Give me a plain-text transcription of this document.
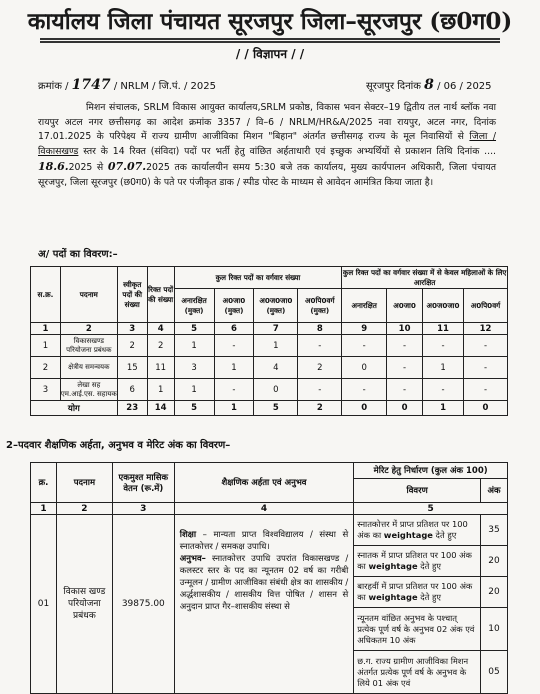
कार्यालय जिला पंचायत सूरजपुर जिला–सूरजपुर (छ0ग0)
/ / विज्ञापन / /
क्रमांक / 1747 / NRLM / जि.पं. / 2025	सूरजपुर दिनांक 8 / 06 / 2025

मिशन संचालक, SRLM विकास आयुक्त कार्यालय,SRLM प्रकोष्ठ, विकास भवन सेक्टर–19 द्वितीय तल नार्थ ब्लॉक नवा रायपुर अटल नगर छत्तीसगढ़ का आदेश क्रमांक 3357 / वि–6 / NRLM/HR&A/2025 नवा रायपुर, अटल नगर, दिनांक 17.01.2025 के परिपेक्ष्य में राज्य ग्रामीण आजीविका मिशन "बिहान" अंतर्गत छत्तीसगढ़ राज्य के मूल निवासियों से जिला / विकासखण्ड स्तर के 14 रिक्त (संविदा) पदों पर भर्ती हेतु वांछित अर्हताधारी एवं इच्छुक अभ्यर्थियों से प्रकाशन तिथि दिनांक .... 18.6.2025 से 07.07.2025 तक कार्यालयीन समय 5:30 बजे तक कार्यालय, मुख्य कार्यपालन अधिकारी, जिला पंचायत सूरजपुर, जिला सूरजपुर (छ0ग0) के पते पर पंजीकृत डाक / स्पीड पोस्ट के माध्यम से आवेदन आमंत्रित किया जाता है।

अ/ पदों का विवरण:–
स.क्र.	पदनाम	स्वीकृत पदों की संख्या	रिक्त पदों की संख्या	कुल रिक्त पदों का वर्गवार संख्या				कुल रिक्त पदों का वर्गवार संख्या में से केवल महिलाओं के लिए आरक्षित			
				अनारक्षित (मुक्त)	अ0जा0 (मुक्त)	अ0ज0जा0 (मुक्त)	अ0पि0वर्ग (मुक्त)	अनारक्षित	अ0जा0	अ0ज0जा0	अ0पि0वर्ग
1	2	3	4	5	6	7	8	9	10	11	12
1	विकासखण्ड परियोजना प्रबंधक	2	2	1	-	1	-	-	-	-	-
2	क्षेत्रीय समन्वयक	15	11	3	1	4	2	0	-	1	-
3	लेखा सह एम.आई.एस. सहायक	6	1	1	-	0	-	-	-	-	-
योग		23	14	5	1	5	2	0	0	1	0
2–पदवार शैक्षणिक अर्हता, अनुभव व मेरिट अंक का विवरण–
क्र.	पदनाम	एकमुश्त मासिक वेतन (रू.में)	शैक्षणिक अर्हता एवं अनुभव	मेरिट हेतु निर्धारण (कुल अंक 100)	
				विवरण	अंक
1	2	3	4	5	
01	विकास खण्ड परियोजना प्रबंधक	39875.00	शिक्षा – मान्यता प्राप्त विश्वविद्यालय / संस्था से स्नातकोत्तर / समकक्ष उपाधि।
अनुभव– स्नातकोत्तर उपाधि उपरांत विकासखण्ड / कलस्टर स्तर के पद का न्यूनतम 02 वर्ष का गरीबी उन्मूलन / ग्रामीण आजीविका संबंधी क्षेत्र का शासकीय / अर्द्धशासकीय / शासकीय वित्त पोषित / शासन से अनुदान प्राप्त गैर–शासकीय संस्था से	स्नातकोत्तर में प्राप्त प्रतिशत पर 100 अंक का weightage देते हुए	35
				स्नातक में प्राप्त प्रतिशत पर 100 अंक का weightage देते हुए	20
				बारहवीं में प्राप्त प्रतिशत पर 100 अंक का weightage देते हुए	20
				न्यूनतम वांछित अनुभव के पश्चात् प्रत्येक पूर्ण वर्ष के अनुभव 02 अंक एवं अधिकतम 10 अंक	10
				छ.ग. राज्य ग्रामीण आजीविका मिशन अंतर्गत प्रत्येक पूर्ण वर्ष के अनुभव के लिये 01 अंक एवं	05
